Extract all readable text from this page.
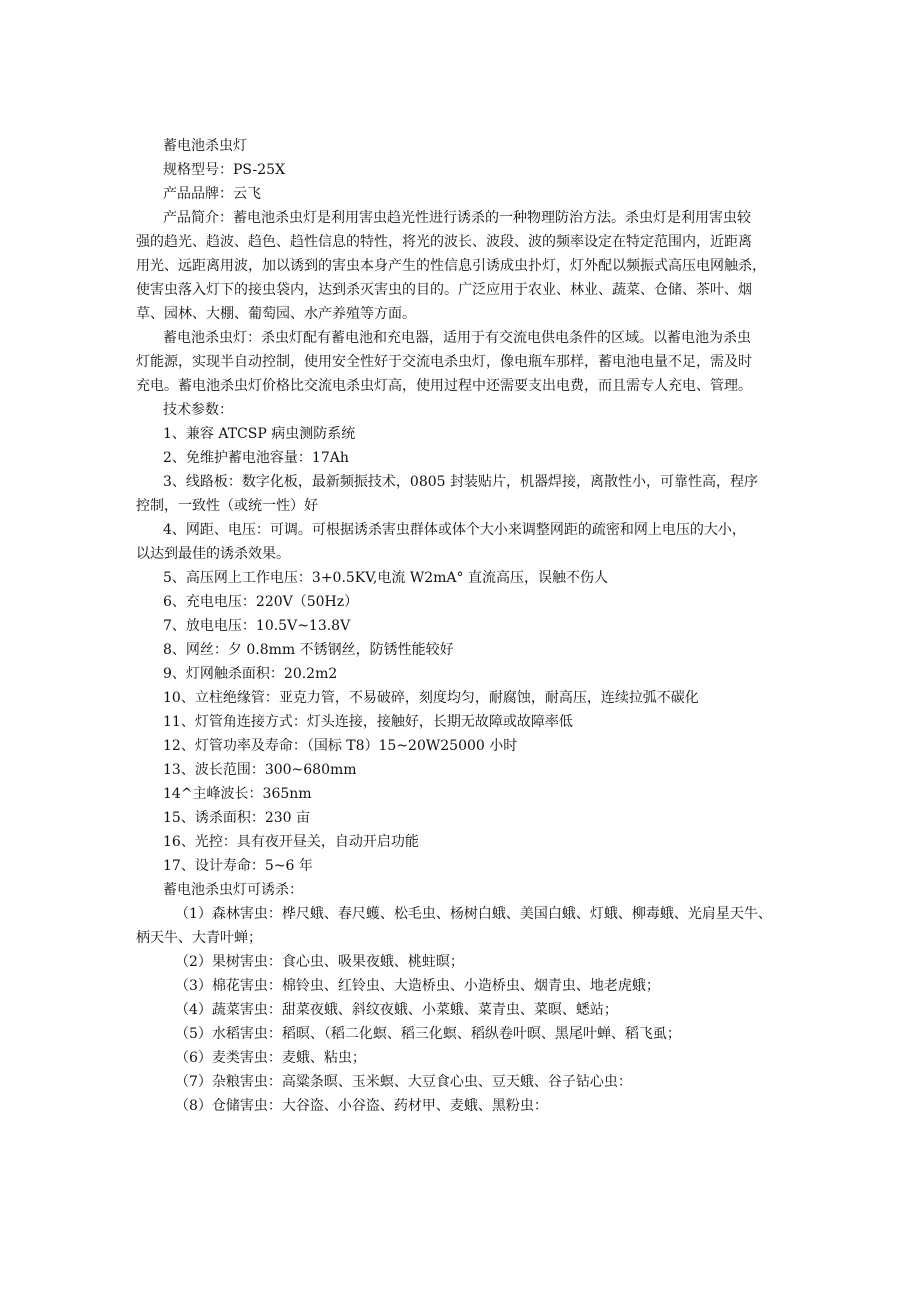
蓄电池杀虫灯
规格型号：PS-25X
产品品牌：云飞
产品简介：蓄电池杀虫灯是利用害虫趋光性进行诱杀的一种物理防治方法。杀虫灯是利用害虫较
强的趋光、趋波、趋色、趋性信息的特性，将光的波长、波段、波的频率设定在特定范围内，近距离
用光、远距离用波，加以诱到的害虫本身产生的性信息引诱成虫扑灯，灯外配以频振式高压电网触杀，
使害虫落入灯下的接虫袋内，达到杀灭害虫的目的。广泛应用于农业、林业、蔬菜、仓储、茶叶、烟
草、园林、大棚、葡萄园、水产养殖等方面。
蓄电池杀虫灯：杀虫灯配有蓄电池和充电器，适用于有交流电供电条件的区域。以蓄电池为杀虫
灯能源，实现半自动控制，使用安全性好于交流电杀虫灯，像电瓶车那样，蓄电池电量不足，需及时
充电。蓄电池杀虫灯价格比交流电杀虫灯高，使用过程中还需要支出电费，而且需专人充电、管理。
技术参数：
1、兼容 ATCSP 病虫测防系统
2、免维护蓄电池容量：17Ah
3、线路板：数字化板，最新频振技术，0805 封装贴片，机器焊接，离散性小，可靠性高，程序
控制，一致性（或统一性）好
4、网距、电压：可调。可根据诱杀害虫群体或体个大小来调整网距的疏密和网上电压的大小，
以达到最佳的诱杀效果。
5、高压网上工作电压：3+0.5KV,电流 W2mA° 直流高压，误触不伤人
6、充电电压：220V（50Hz）
7、放电电压：10.5V~13.8V
8、网丝：夕 0.8mm 不锈钢丝，防锈性能较好
9、灯网触杀面积：20.2m2
10、立柱绝缘管：亚克力管，不易破碎，刻度均匀，耐腐蚀，耐高压，连续拉弧不碳化
11、灯管角连接方式：灯头连接，接触好，长期无故障或故障率低
12、灯管功率及寿命：（国标 T8）15~20W25000 小时
13、波长范围：300~680mm
14^主峰波长：365nm
15、诱杀面积：230 亩
16、光控：具有夜开昼关，自动开启功能
17、设计寿命：5~6 年
蓄电池杀虫灯可诱杀：
（1）森林害虫：桦尺蛾、春尺蠖、松毛虫、杨树白蛾、美国白蛾、灯蛾、柳毒蛾、光肩星天牛、
柄天牛、大青叶蝉；
（2）果树害虫：食心虫、吸果夜蛾、桃蛀暝；
（3）棉花害虫：棉铃虫、红铃虫、大造桥虫、小造桥虫、烟青虫、地老虎蛾；
（4）蔬菜害虫：甜菜夜蛾、斜纹夜蛾、小菜蛾、菜青虫、菜暝、蟋站；
（5）水稻害虫：稻暝、（稻二化螟、稻三化螟、稻纵卷叶暝、黑尾叶蝉、稻飞虱；
（6）麦类害虫：麦蛾、粘虫；
（7）杂粮害虫：高粱条暝、玉米螟、大豆食心虫、豆天蛾、谷子钻心虫：
（8）仓储害虫：大谷盗、小谷盗、药材甲、麦蛾、黑粉虫：
